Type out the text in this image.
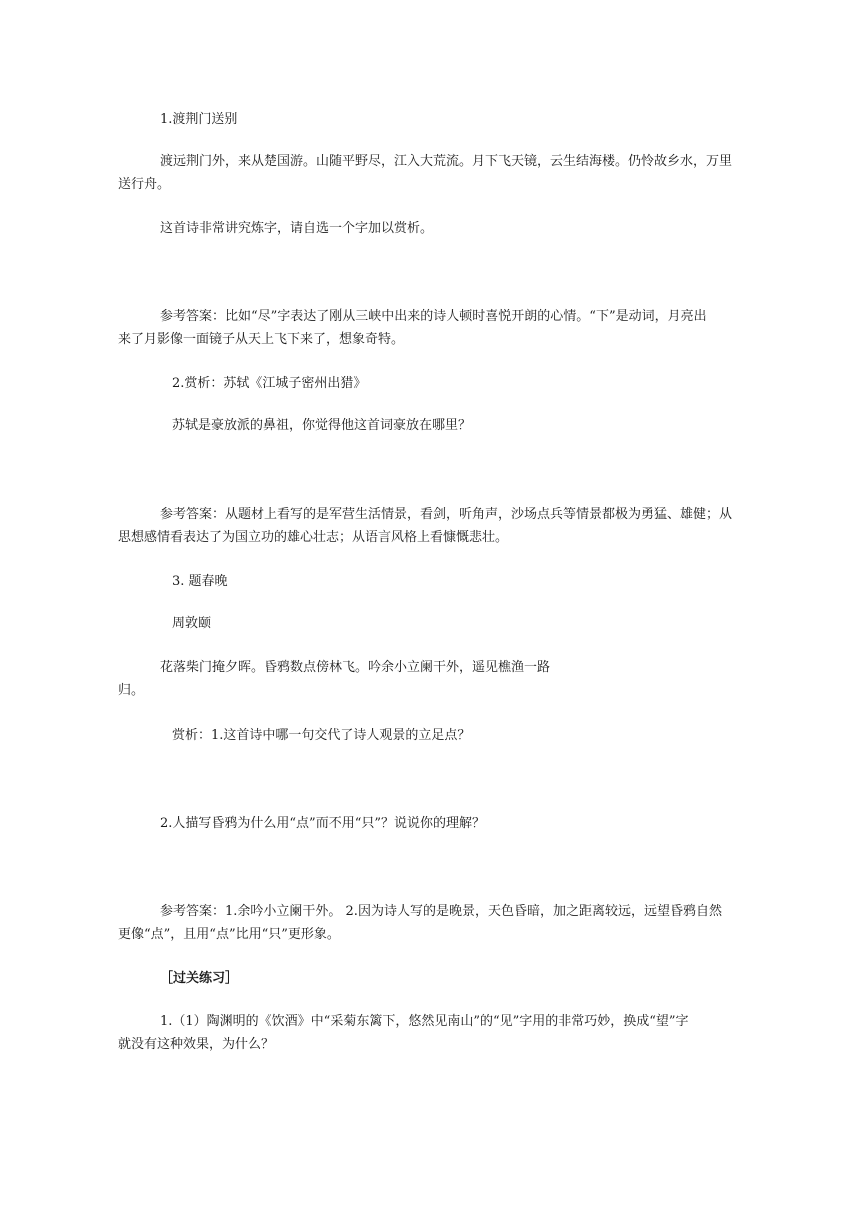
1.渡荆门送别
渡远荆门外，来从楚国游。山随平野尽，江入大荒流。月下飞天镜，云生结海楼。仍怜故乡水，万里
送行舟。
这首诗非常讲究炼字，请自选一个字加以赏析。
参考答案：比如“尽”字表达了刚从三峡中出来的诗人顿时喜悦开朗的心情。“下”是动词，月亮出
来了月影像一面镜子从天上飞下来了，想象奇特。
2.赏析：苏轼《江城子密州出猎》
苏轼是豪放派的鼻祖，你觉得他这首词豪放在哪里？
参考答案：从题材上看写的是军营生活情景，看剑，听角声，沙场点兵等情景都极为勇猛、雄健；从
思想感情看表达了为国立功的雄心壮志；从语言风格上看慷慨悲壮。
3. 题春晚
周敦颐
花落柴门掩夕晖。昏鸦数点傍林飞。吟余小立阑干外，遥见樵渔一路
归。
赏析：1.这首诗中哪一句交代了诗人观景的立足点？
2.人描写昏鸦为什么用“点”而不用“只”？说说你的理解？
参考答案：1.余吟小立阑干外。 2.因为诗人写的是晚景，天色昏暗，加之距离较远，远望昏鸦自然
更像“点”，且用“点”比用“只”更形象。
［过关练习］
1.（1）陶渊明的《饮酒》中“采菊东篱下，悠然见南山”的“见”字用的非常巧妙，换成“望”字
就没有这种效果，为什么？
